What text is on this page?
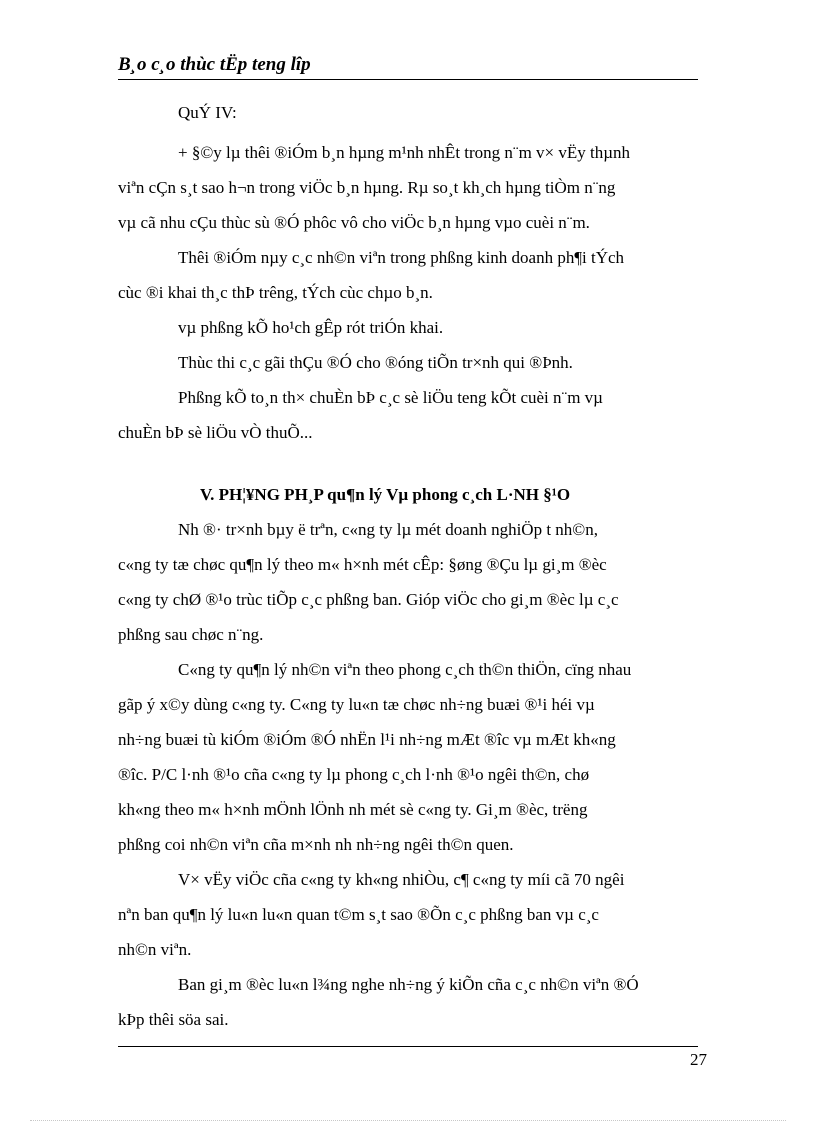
B¸o c¸o thùc tËp teng lîp
QuÝ IV:
+ §©y lµ thêi ®iÓm b¸n hµng m¹nh nhÊt trong n¨m v× vËy thµnh
viªn cÇn s¸t sao h¬n trong viÖc b¸n hµng. Rµ so¸t kh¸ch hµng tiÒm n¨ng
vµ cã nhu cÇu thùc sù ®Ó phôc vô cho viÖc b¸n hµng vµo cuèi n¨m.
Thêi ®iÓm nµy c¸c nh©n viªn trong phßng kinh doanh ph¶i tÝch
cùc ®i khai th¸c thÞ trêng, tÝch cùc chµo b¸n.
vµ phßng kÕ ho¹ch gÊp rót triÓn khai.
Thùc thi c¸c gãi thÇu ®Ó cho ®óng tiÕn tr×nh qui ®Þnh.
Phßng kÕ to¸n th× chuÈn bÞ c¸c sè liÖu teng kÕt cuèi n¨m vµ
chuÈn bÞ sè liÖu vÒ thuÕ...
V. PH¦¥NG PH¸P qu¶n lý Vµ phong c¸ch L·NH §¹O
Nh ®· tr×nh bµy ë trªn, c«ng ty lµ mét doanh nghiÖp t nh©n,
c«ng ty tæ chøc qu¶n lý theo m« h×nh mét cÊp: §øng ®Çu lµ gi¸m ®èc
c«ng ty chØ ®¹o trùc tiÕp c¸c phßng ban. Gióp viÖc cho gi¸m ®èc lµ c¸c
phßng sau chøc n¨ng.
C«ng ty qu¶n lý nh©n viªn theo phong c¸ch th©n thiÖn, cïng nhau
gãp ý x©y dùng c«ng ty. C«ng ty lu«n tæ chøc nh÷ng buæi ®¹i héi vµ
nh÷ng buæi tù kiÓm ®iÓm ®Ó nhËn l¹i nh÷ng mÆt ®îc vµ mÆt kh«ng
®îc. P/C l·nh ®¹o cña c«ng ty lµ phong c¸ch l·nh ®¹o ngêi th©n, chø
kh«ng theo m« h×nh mÖnh lÖnh nh mét sè c«ng ty. Gi¸m ®èc, trëng
phßng coi nh©n viªn cña m×nh nh nh÷ng ngêi th©n quen.
V× vËy viÖc cña c«ng ty kh«ng nhiÒu, c¶ c«ng ty míi cã 70 ngêi
nªn ban qu¶n lý lu«n lu«n quan t©m s¸t sao ®Õn c¸c phßng ban vµ c¸c
nh©n viªn.
Ban gi¸m ®èc lu«n l¾ng nghe nh÷ng ý kiÕn cña c¸c nh©n viªn ®Ó
kÞp thêi söa sai.
27
